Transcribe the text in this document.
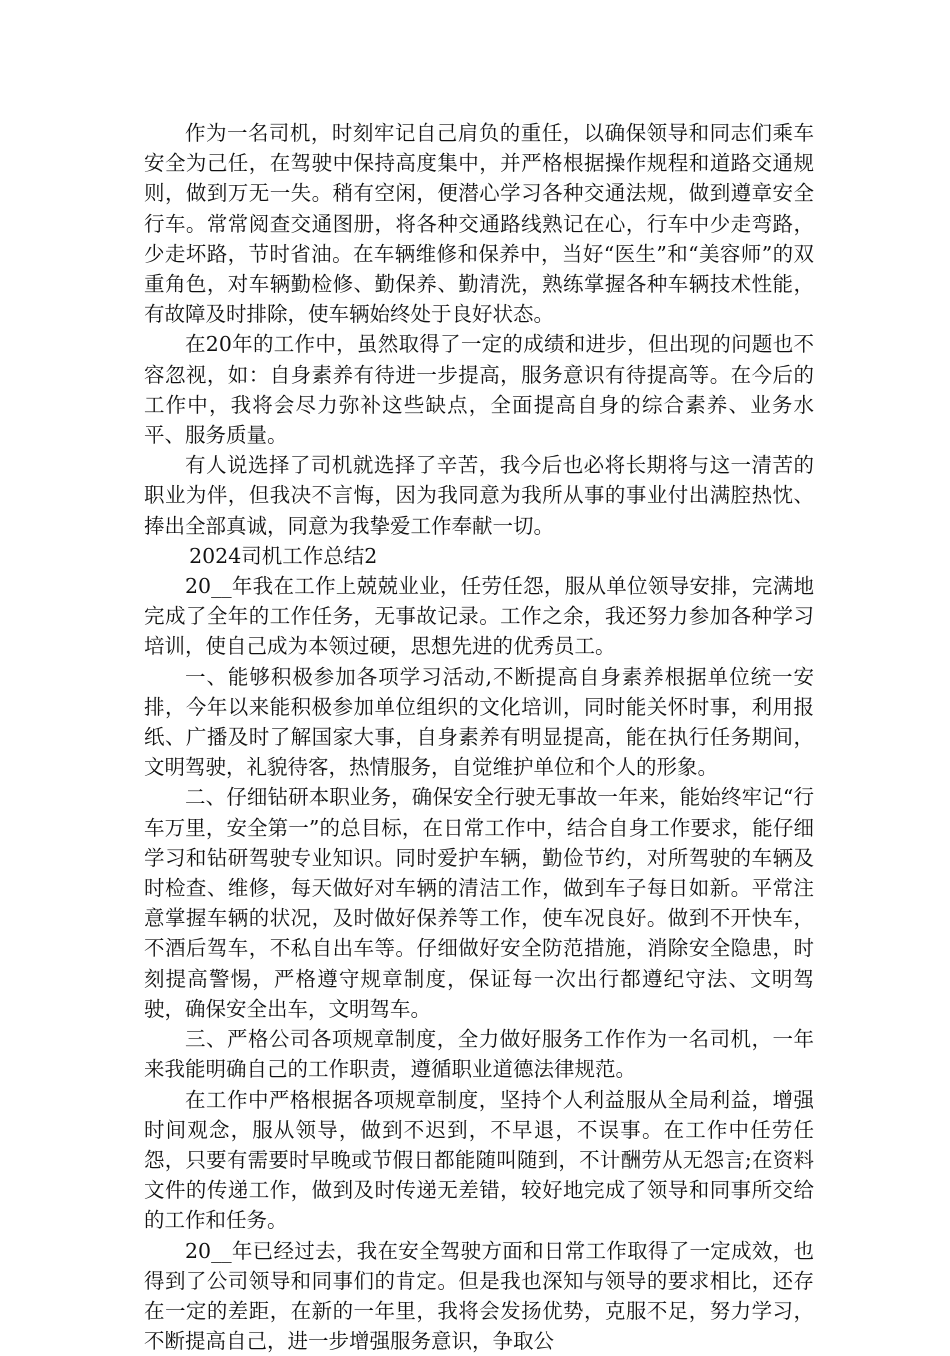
作为一名司机，时刻牢记自己肩负的重任，以确保领导和同志们乘车安全为己任，在驾驶中保持高度集中，并严格根据操作规程和道路交通规则，做到万无一失。稍有空闲，便潜心学习各种交通法规，做到遵章安全行车。常常阅查交通图册，将各种交通路线熟记在心，行车中少走弯路，少走坏路，节时省油。在车辆维修和保养中，当好“医生”和“美容师”的双重角色，对车辆勤检修、勤保养、勤清洗，熟练掌握各种车辆技术性能，有故障及时排除，使车辆始终处于良好状态。

在20年的工作中，虽然取得了一定的成绩和进步，但出现的问题也不容忽视，如：自身素养有待进一步提高，服务意识有待提高等。在今后的工作中，我将会尽力弥补这些缺点，全面提高自身的综合素养、业务水平、服务质量。

有人说选择了司机就选择了辛苦，我今后也必将长期将与这一清苦的职业为伴，但我决不言悔，因为我同意为我所从事的事业付出满腔热忱、捧出全部真诚，同意为我挚爱工作奉献一切。

2024司机工作总结2

20__年我在工作上兢兢业业，任劳任怨，服从单位领导安排，完满地完成了全年的工作任务，无事故记录。工作之余，我还努力参加各种学习培训，使自己成为本领过硬，思想先进的优秀员工。

一、能够积极参加各项学习活动,不断提高自身素养根据单位统一安排，今年以来能积极参加单位组织的文化培训，同时能关怀时事，利用报纸、广播及时了解国家大事，自身素养有明显提高，能在执行任务期间，文明驾驶，礼貌待客，热情服务，自觉维护单位和个人的形象。

二、仔细钻研本职业务，确保安全行驶无事故一年来，能始终牢记“行车万里，安全第一”的总目标，在日常工作中，结合自身工作要求，能仔细学习和钻研驾驶专业知识。同时爱护车辆，勤俭节约，对所驾驶的车辆及时检查、维修，每天做好对车辆的清洁工作，做到车子每日如新。平常注意掌握车辆的状况，及时做好保养等工作，使车况良好。做到不开快车，不酒后驾车，不私自出车等。仔细做好安全防范措施，消除安全隐患，时刻提高警惕，严格遵守规章制度，保证每一次出行都遵纪守法、文明驾驶，确保安全出车，文明驾车。

三、严格公司各项规章制度，全力做好服务工作作为一名司机，一年来我能明确自己的工作职责，遵循职业道德法律规范。

在工作中严格根据各项规章制度，坚持个人利益服从全局利益，增强时间观念，服从领导，做到不迟到，不早退，不误事。在工作中任劳任怨，只要有需要时早晚或节假日都能随叫随到，不计酬劳从无怨言;在资料文件的传递工作，做到及时传递无差错，较好地完成了领导和同事所交给的工作和任务。

20__年已经过去，我在安全驾驶方面和日常工作取得了一定成效，也得到了公司领导和同事们的肯定。但是我也深知与领导的要求相比，还存在一定的差距，在新的一年里，我将会发扬优势，克服不足，努力学习，不断提高自己，进一步增强服务意识，争取公
